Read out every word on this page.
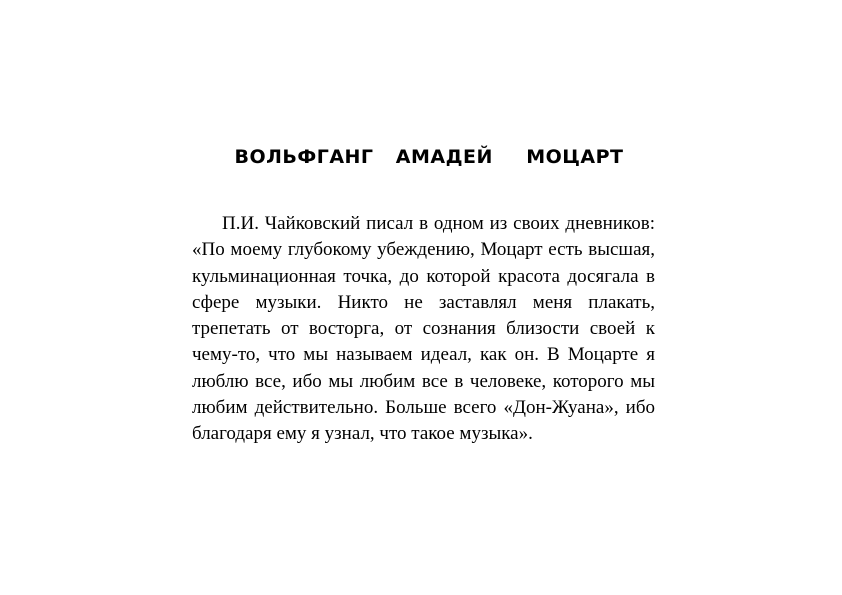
ВОЛЬФГАНГ  АМАДЕЙ   МОЦАРТ

П.И. Чайковский писал в одном из своих дневников: «По моему глубокому убеждению, Моцарт есть высшая, кульминационная точка, до которой красота досягала в сфере музыки. Никто не заставлял меня плакать, трепетать от восторга, от сознания близости своей к чему-то, что мы называем идеал, как он. В Моцарте я люблю все, ибо мы любим все в человеке, которого мы любим действительно. Больше всего «Дон-Жуана», ибо благодаря ему я узнал, что такое музыка».
